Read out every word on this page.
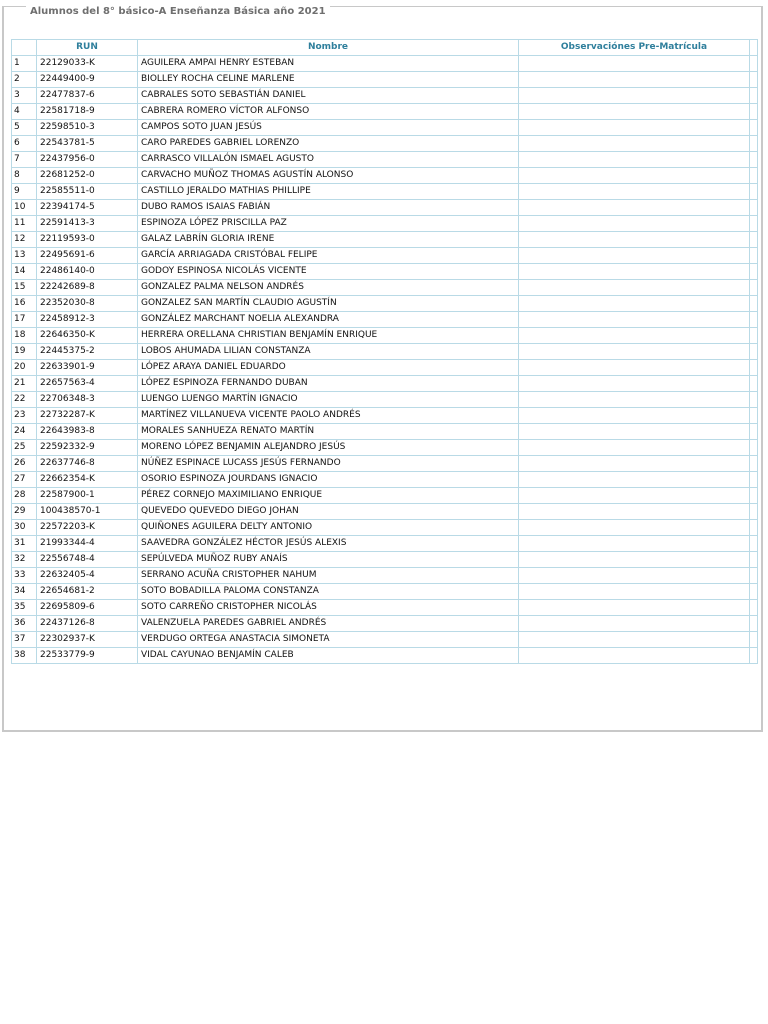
Alumnos del 8° básico-A Enseñanza Básica año 2021
	RUN	Nombre	Observaciónes Pre-Matrícula	
1	22129033-K	AGUILERA AMPAI HENRY ESTEBAN		
2	22449400-9	BIOLLEY ROCHA CELINE MARLENE		
3	22477837-6	CABRALES SOTO SEBASTIÁN DANIEL		
4	22581718-9	CABRERA ROMERO VÍCTOR ALFONSO		
5	22598510-3	CAMPOS SOTO JUAN JESÚS		
6	22543781-5	CARO PAREDES GABRIEL LORENZO		
7	22437956-0	CARRASCO VILLALÓN ISMAEL AGUSTO		
8	22681252-0	CARVACHO MUÑOZ THOMAS AGUSTÍN ALONSO		
9	22585511-0	CASTILLO JERALDO MATHIAS PHILLIPE		
10	22394174-5	DUBO RAMOS ISAIAS FABIÁN		
11	22591413-3	ESPINOZA LÓPEZ PRISCILLA PAZ		
12	22119593-0	GALAZ LABRÍN GLORIA IRENE		
13	22495691-6	GARCÍA ARRIAGADA CRISTÓBAL FELIPE		
14	22486140-0	GODOY ESPINOSA NICOLÁS VICENTE		
15	22242689-8	GONZALEZ PALMA NELSON ANDRÉS		
16	22352030-8	GONZALEZ SAN MARTÍN CLAUDIO AGUSTÍN		
17	22458912-3	GONZÁLEZ MARCHANT NOELIA ALEXANDRA		
18	22646350-K	HERRERA ORELLANA CHRISTIAN BENJAMÍN ENRIQUE		
19	22445375-2	LOBOS AHUMADA LILIAN CONSTANZA		
20	22633901-9	LÓPEZ ARAYA DANIEL EDUARDO		
21	22657563-4	LÓPEZ ESPINOZA FERNANDO DUBAN		
22	22706348-3	LUENGO LUENGO MARTÍN IGNACIO		
23	22732287-K	MARTÍNEZ VILLANUEVA VICENTE PAOLO ANDRÉS		
24	22643983-8	MORALES SANHUEZA RENATO MARTÍN		
25	22592332-9	MORENO LÓPEZ BENJAMIN ALEJANDRO JESÚS		
26	22637746-8	NÚÑEZ ESPINACE LUCASS JESÚS FERNANDO		
27	22662354-K	OSORIO ESPINOZA JOURDANS IGNACIO		
28	22587900-1	PÉREZ CORNEJO MAXIMILIANO ENRIQUE		
29	100438570-1	QUEVEDO QUEVEDO DIEGO JOHAN		
30	22572203-K	QUIÑONES AGUILERA DELTY ANTONIO		
31	21993344-4	SAAVEDRA GONZÁLEZ HÉCTOR JESÚS ALEXIS		
32	22556748-4	SEPÚLVEDA MUÑOZ RUBY ANAÍS		
33	22632405-4	SERRANO ACUÑA CRISTOPHER NAHUM		
34	22654681-2	SOTO BOBADILLA PALOMA CONSTANZA		
35	22695809-6	SOTO CARREÑO CRISTOPHER NICOLÁS		
36	22437126-8	VALENZUELA PAREDES GABRIEL ANDRÉS		
37	22302937-K	VERDUGO ORTEGA ANASTACIA SIMONETA		
38	22533779-9	VIDAL CAYUNAO BENJAMÍN CALEB		
